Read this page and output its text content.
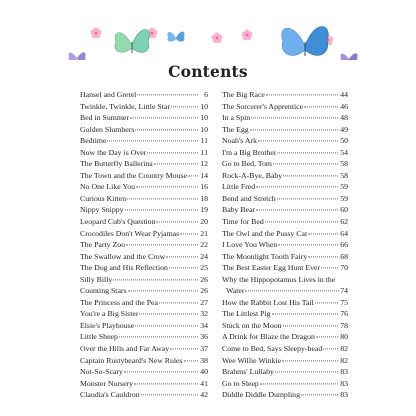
Contents
Hansel and Gretel	6
Twinkle, Twinkle, Little Star	10
Bed in Summer	10
Golden Slumbers	10
Bedtime	11
Now the Day is Over	11
The Butterfly Ballerina	12
The Town and the Country Mouse 14
No One Like You	16
Curious Kitten	18
Nippy Snippy	19
Leopard Cub's Question	20
Crocodiles Don't Wear Pyjamas	21
The Party Zoo	22
The Swallow and the Crow	24
The Dog and His Reflection	25
Silly Billy	26
Counting Stars	26
The Princess and the Pea	27
You're a Big Sister	32
Elsie's Playhouse	34
Little Sheep	36
Over the Hills and Far Away	37
Captain Rustybeard's New Rules 38
Not-So-Scary	40
Monster Nursery	41
Claudia's Cauldron	42
The Big Race	44
The Sorcerer's Apprentice	46
In a Spin	48
The Egg	49
Noah's Ark	50
I'm a Big Brother	54
Go to Bed, Tom	58
Rock-A-Bye, Baby	58
Little Fred	59
Bend and Stretch	59
Baby Bear	60
Time for Bed	62
The Owl and the Pussy Cat	64
I Love You When	66
The Moonlight Tooth Fairy	68
The Best Easter Egg Hunt Ever	70
Why the Hippopotamus Lives in the
Water	74
How the Rabbit Lost His Tail	75
The Littlest Pig	76
Stuck on the Moon	78
A Drink for Blaze the Dragon	80
Come to Bed, Says Sleepy-head 82
Wee Willie Winkie	82
Brahms' Lullaby	83
Go to Sleep	83
Diddle Diddle Dumpling	83
